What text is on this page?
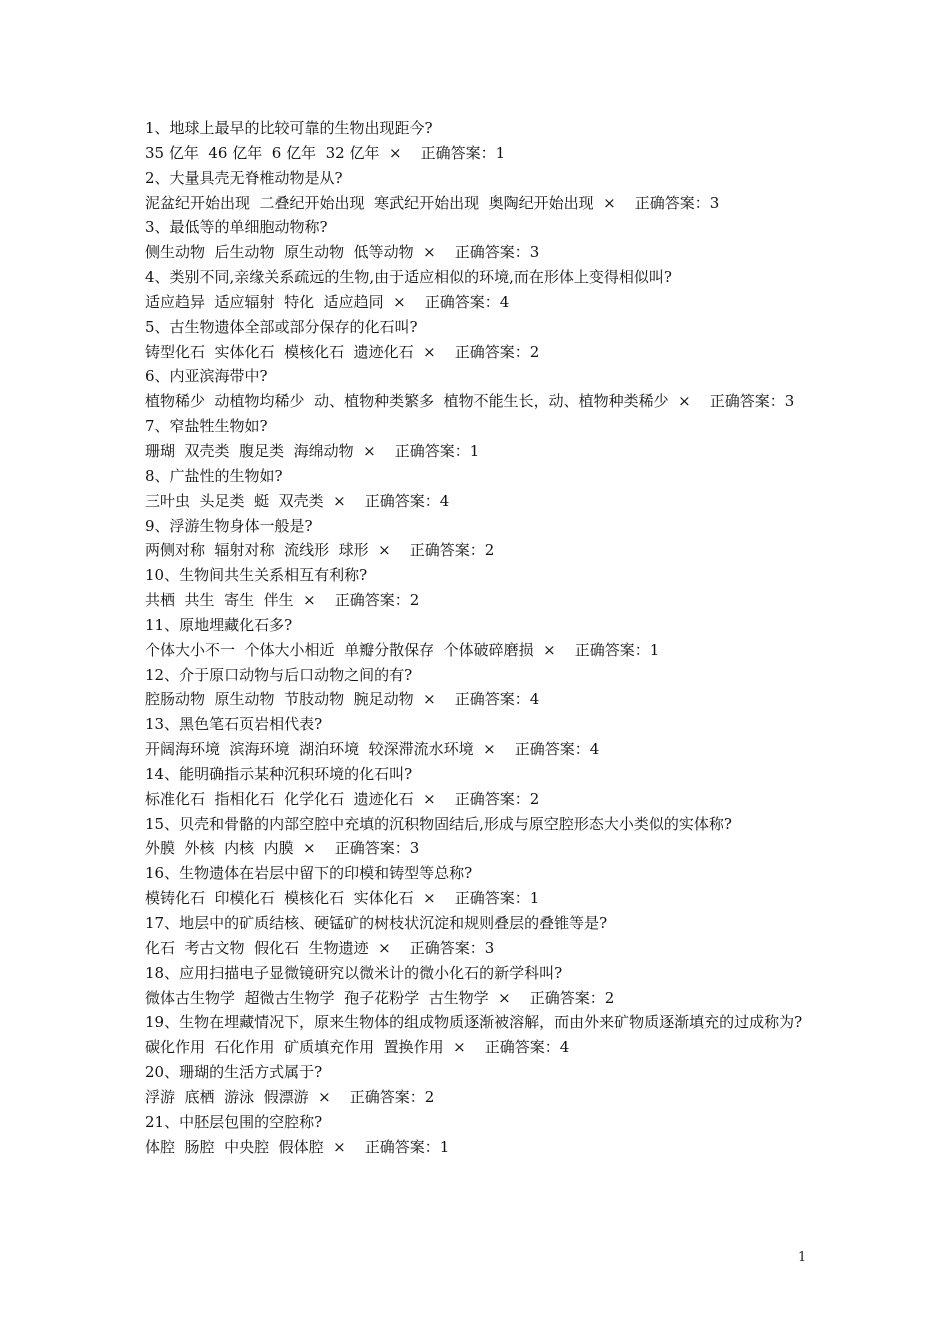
1、地球上最早的比较可靠的生物出现距今?

35 亿年  46 亿年  6 亿年  32 亿年  ×    正确答案：1

2、大量具壳无脊椎动物是从?

泥盆纪开始出现  二叠纪开始出现  寒武纪开始出现  奥陶纪开始出现  ×    正确答案：3

3、最低等的单细胞动物称?

侧生动物  后生动物  原生动物  低等动物  ×    正确答案：3

4、类别不同,亲缘关系疏远的生物,由于适应相似的环境,而在形体上变得相似叫?

适应趋异  适应辐射  特化  适应趋同  ×    正确答案：4

5、古生物遗体全部或部分保存的化石叫?

铸型化石  实体化石  模核化石  遗迹化石  ×    正确答案：2

6、内亚滨海带中?

植物稀少  动植物均稀少  动、植物种类繁多  植物不能生长，动、植物种类稀少  ×    正确答案：3

7、窄盐牲生物如?

珊瑚  双壳类  腹足类  海绵动物  ×    正确答案：1

8、广盐性的生物如?

三叶虫  头足类  蜓  双壳类  ×    正确答案：4

9、浮游生物身体一般是?

两侧对称  辐射对称  流线形  球形  ×    正确答案：2

10、生物间共生关系相互有利称?

共栖  共生  寄生  伴生  ×    正确答案：2

11、原地埋藏化石多?

个体大小不一  个体大小相近  单瓣分散保存  个体破碎磨损  ×    正确答案：1

12、介于原口动物与后口动物之间的有?

腔肠动物  原生动物  节肢动物  腕足动物  ×    正确答案：4

13、黑色笔石页岩相代表?

开阔海环境  滨海环境  湖泊环境  较深滞流水环境  ×    正确答案：4

14、能明确指示某种沉积环境的化石叫?

标准化石  指相化石  化学化石  遗迹化石  ×    正确答案：2

15、贝壳和骨骼的内部空腔中充填的沉积物固结后,形成与原空腔形态大小类似的实体称?

外膜  外核  内核  内膜  ×    正确答案：3

16、生物遗体在岩层中留下的印模和铸型等总称?

模铸化石  印模化石  模核化石  实体化石  ×    正确答案：1

17、地层中的矿质结核、硬锰矿的树枝状沉淀和规则叠层的叠锥等是?

化石  考古文物  假化石  生物遗迹  ×    正确答案：3

18、应用扫描电子显微镜研究以微米计的微小化石的新学科叫?

微体古生物学  超微古生物学  孢子花粉学  古生物学  ×    正确答案：2

19、生物在埋藏情况下，原来生物体的组成物质逐渐被溶解，而由外来矿物质逐渐填充的过成称为?

碳化作用  石化作用  矿质填充作用  置换作用  ×    正确答案：4

20、珊瑚的生活方式属于?

浮游  底栖  游泳  假漂游  ×    正确答案：2

21、中胚层包围的空腔称?

体腔  肠腔  中央腔  假体腔  ×    正确答案：1

1
